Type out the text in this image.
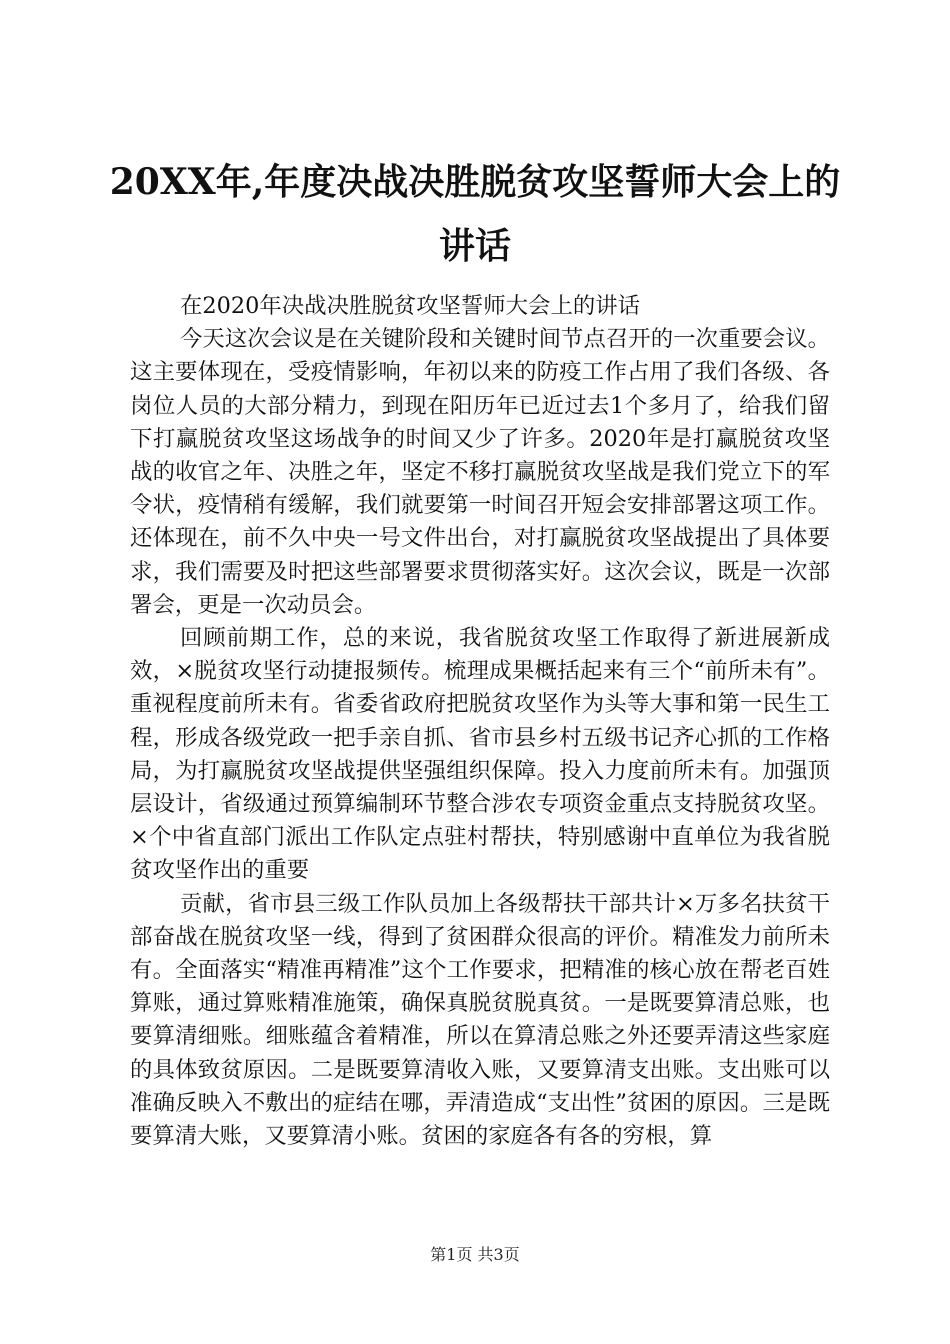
20XX年,年度决战决胜脱贫攻坚誓师大会上的讲话

在2020年决战决胜脱贫攻坚誓师大会上的讲话

今天这次会议是在关键阶段和关键时间节点召开的一次重要会议。这主要体现在，受疫情影响，年初以来的防疫工作占用了我们各级、各岗位人员的大部分精力，到现在阳历年已近过去1个多月了，给我们留下打赢脱贫攻坚这场战争的时间又少了许多。2020年是打赢脱贫攻坚战的收官之年、决胜之年，坚定不移打赢脱贫攻坚战是我们党立下的军令状，疫情稍有缓解，我们就要第一时间召开短会安排部署这项工作。还体现在，前不久中央一号文件出台，对打赢脱贫攻坚战提出了具体要求，我们需要及时把这些部署要求贯彻落实好。这次会议，既是一次部署会，更是一次动员会。

回顾前期工作，总的来说，我省脱贫攻坚工作取得了新进展新成效，×脱贫攻坚行动捷报频传。梳理成果概括起来有三个“前所未有”。重视程度前所未有。省委省政府把脱贫攻坚作为头等大事和第一民生工程，形成各级党政一把手亲自抓、省市县乡村五级书记齐心抓的工作格局，为打赢脱贫攻坚战提供坚强组织保障。投入力度前所未有。加强顶层设计，省级通过预算编制环节整合涉农专项资金重点支持脱贫攻坚。×个中省直部门派出工作队定点驻村帮扶，特别感谢中直单位为我省脱贫攻坚作出的重要

贡献，省市县三级工作队员加上各级帮扶干部共计×万多名扶贫干部奋战在脱贫攻坚一线，得到了贫困群众很高的评价。精准发力前所未有。全面落实“精准再精准”这个工作要求，把精准的核心放在帮老百姓算账，通过算账精准施策，确保真脱贫脱真贫。一是既要算清总账，也要算清细账。细账蕴含着精准，所以在算清总账之外还要弄清这些家庭的具体致贫原因。二是既要算清收入账，又要算清支出账。支出账可以准确反映入不敷出的症结在哪，弄清造成“支出性”贫困的原因。三是既要算清大账，又要算清小账。贫困的家庭各有各的穷根，算

第1页 共3页
